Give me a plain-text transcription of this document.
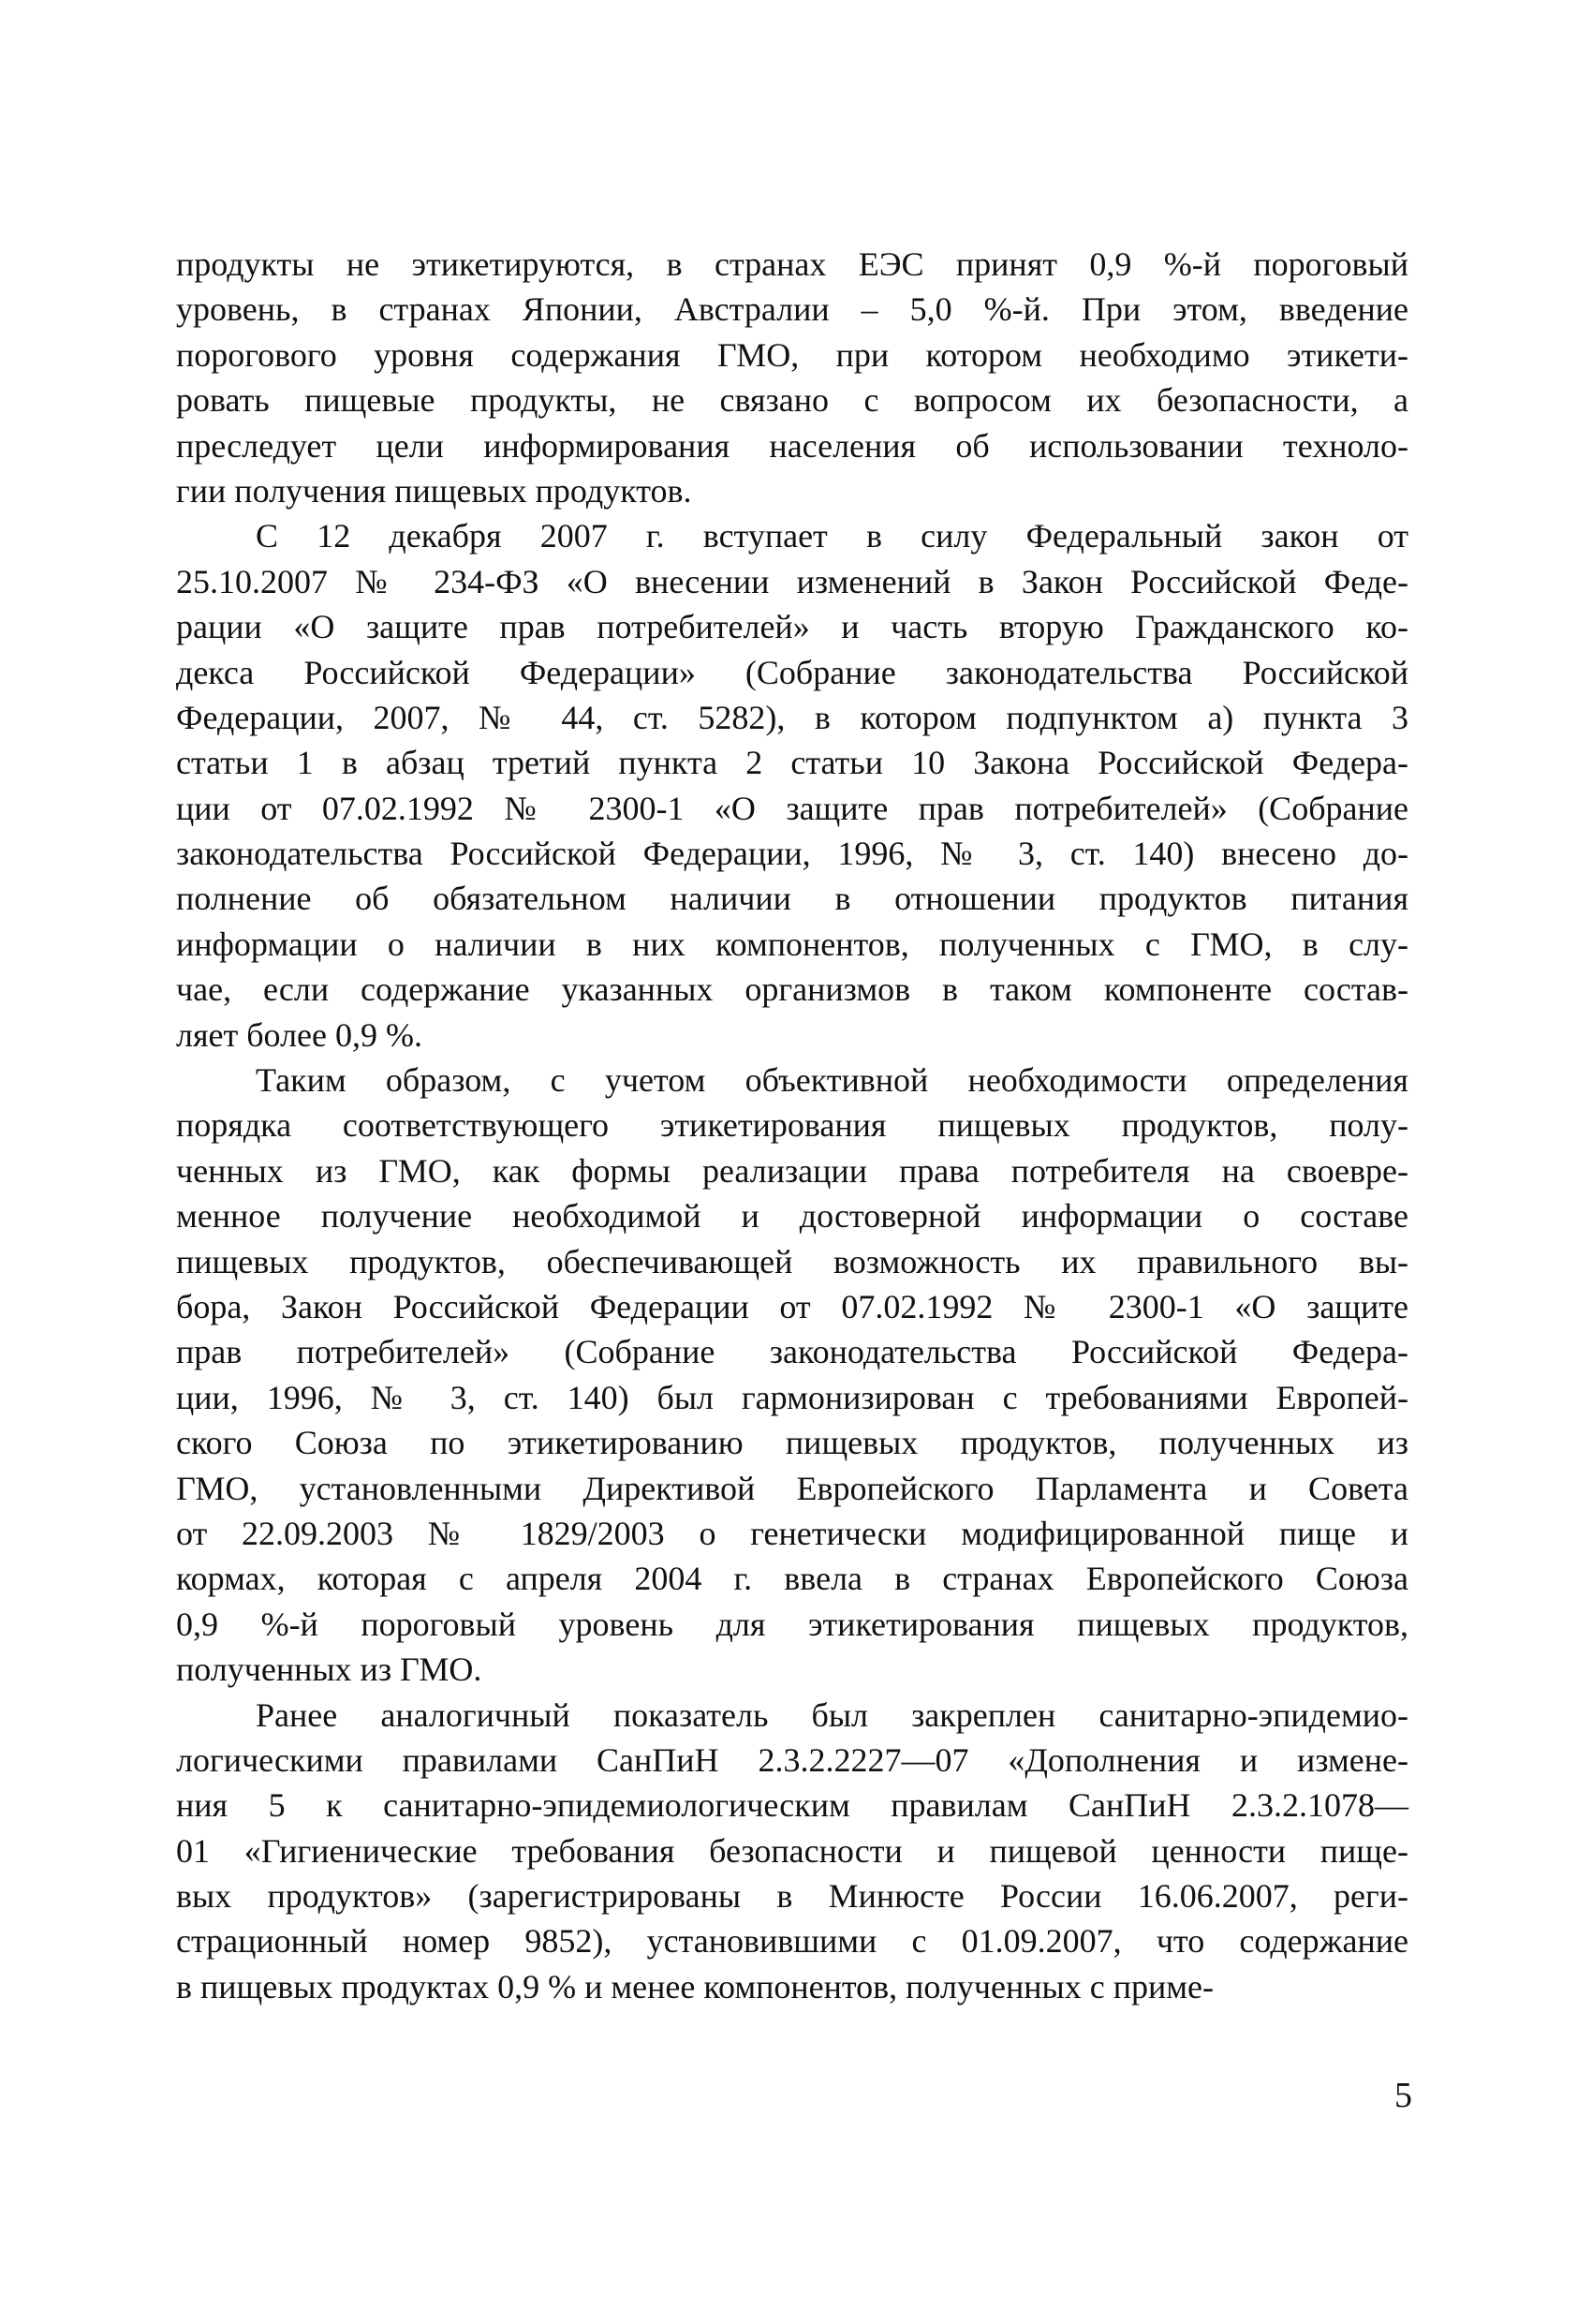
продукты не этикетируются, в странах ЕЭС принят 0,9 %-й пороговый
уровень, в странах Японии, Австралии – 5,0 %-й. При этом, введение
порогового уровня содержания ГМО, при котором необходимо этикети-
ровать пищевые продукты, не связано с вопросом их безопасности, а
преследует цели информирования населения об использовании техноло-
гии получения пищевых продуктов.
С 12 декабря 2007 г. вступает в силу Федеральный закон от
25.10.2007 № 234-ФЗ «О внесении изменений в Закон Российской Феде-
рации «О защите прав потребителей» и часть вторую Гражданского ко-
декса Российской Федерации» (Собрание законодательства Российской
Федерации, 2007, № 44, ст. 5282), в котором подпунктом а) пункта 3
статьи 1 в абзац третий пункта 2 статьи 10 Закона Российской Федера-
ции от 07.02.1992 № 2300-1 «О защите прав потребителей» (Собрание
законодательства Российской Федерации, 1996, № 3, ст. 140) внесено до-
полнение об обязательном наличии в отношении продуктов питания
информации о наличии в них компонентов, полученных с ГМО, в слу-
чае, если содержание указанных организмов в таком компоненте состав-
ляет более 0,9 %.
Таким образом, с учетом объективной необходимости определения
порядка соответствующего этикетирования пищевых продуктов, полу-
ченных из ГМО, как формы реализации права потребителя на своевре-
менное получение необходимой и достоверной информации о составе
пищевых продуктов, обеспечивающей возможность их правильного вы-
бора, Закон Российской Федерации от 07.02.1992 № 2300-1 «О защите
прав потребителей» (Собрание законодательства Российской Федера-
ции, 1996, № 3, ст. 140) был гармонизирован с требованиями Европей-
ского Союза по этикетированию пищевых продуктов, полученных из
ГМО, установленными Директивой Европейского Парламента и Совета
от 22.09.2003 № 1829/2003 о генетически модифицированной пище и
кормах, которая с апреля 2004 г. ввела в странах Европейского Союза
0,9 %-й пороговый уровень для этикетирования пищевых продуктов,
полученных из ГМО.
Ранее аналогичный показатель был закреплен санитарно-эпидемио-
логическими правилами СанПиН 2.3.2.2227—07 «Дополнения и измене-
ния 5 к санитарно-эпидемиологическим правилам СанПиН 2.3.2.1078—
01 «Гигиенические требования безопасности и пищевой ценности пище-
вых продуктов» (зарегистрированы в Минюсте России 16.06.2007, реги-
страционный номер 9852), установившими с 01.09.2007, что содержание
в пищевых продуктах 0,9 % и менее компонентов, полученных с приме-
5
